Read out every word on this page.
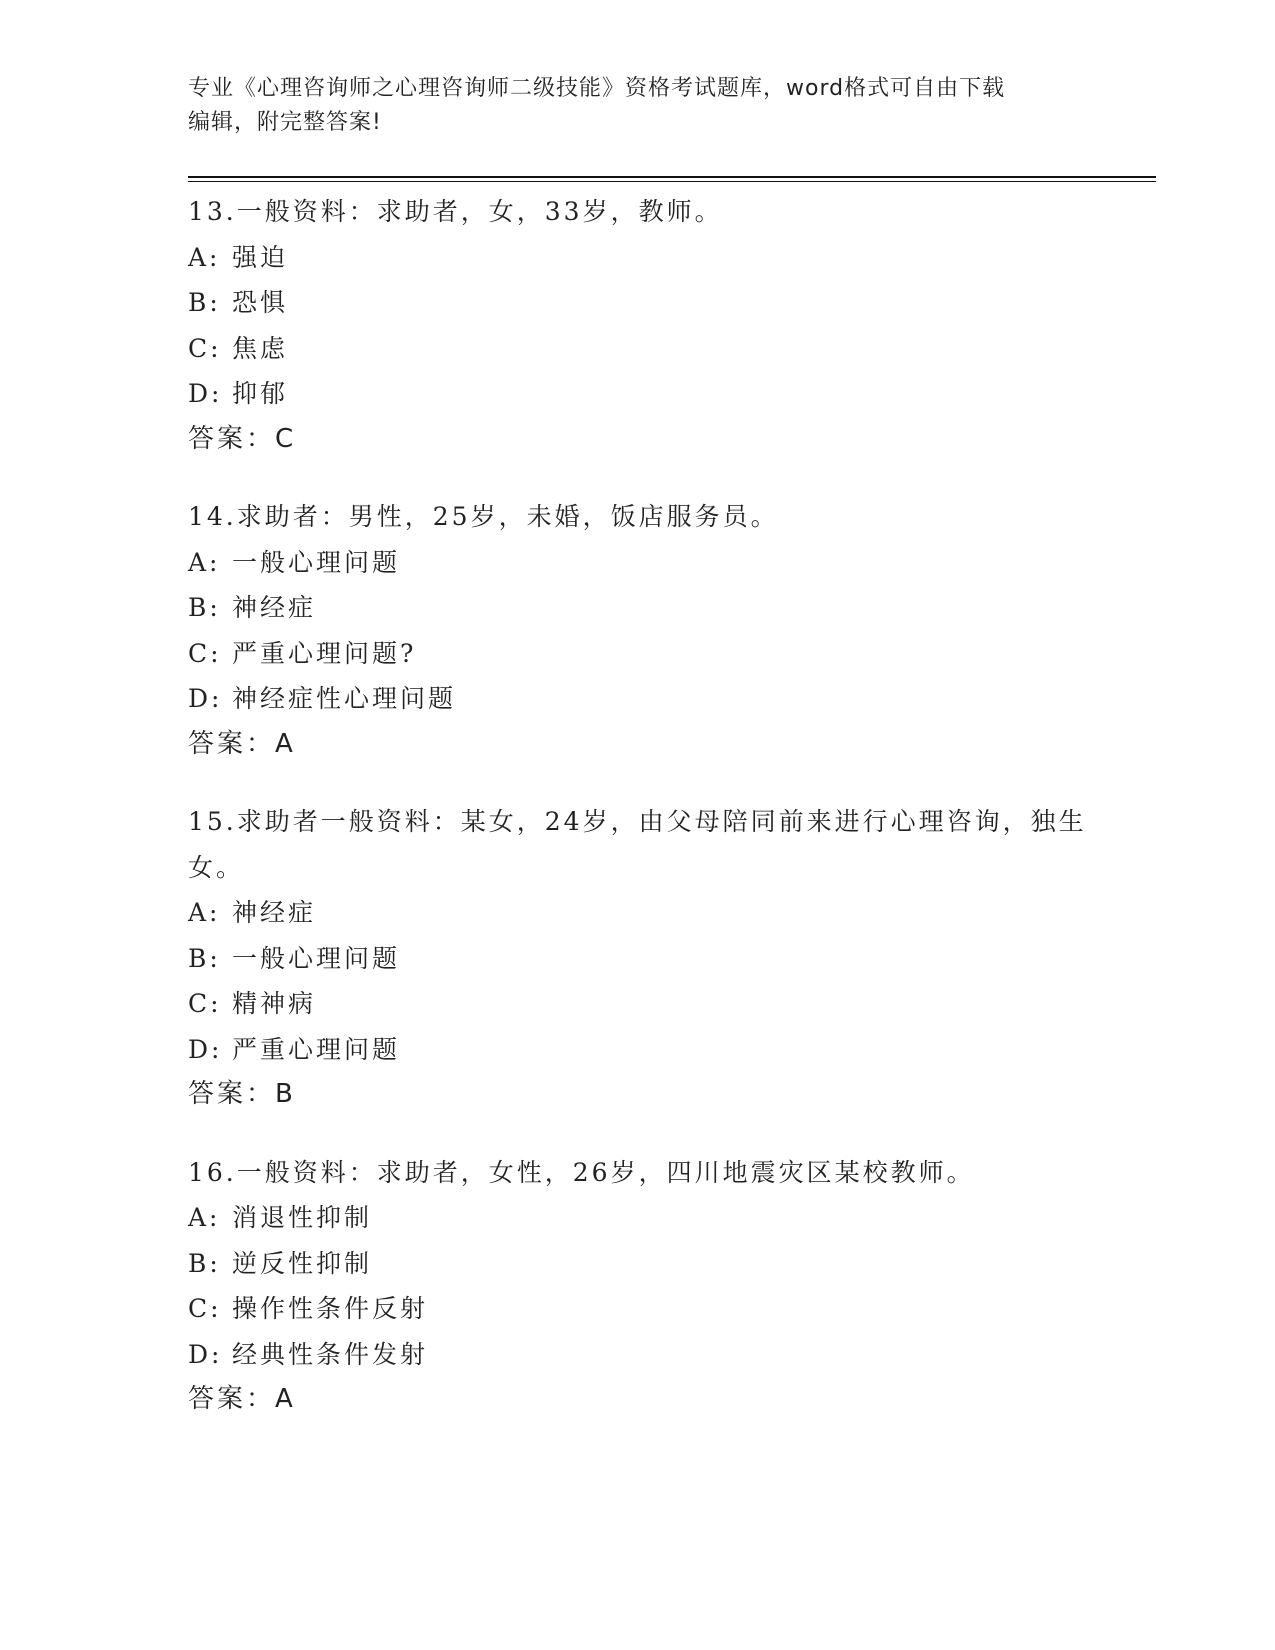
专业《心理咨询师之心理咨询师二级技能》资格考试题库，word格式可自由下载
编辑，附完整答案!
13.一般资料：求助者，女，33岁，教师。
A: 强迫
B: 恐惧
C: 焦虑
D: 抑郁
答案：C
14.求助者：男性，25岁，未婚，饭店服务员。
A: 一般心理问题
B: 神经症
C: 严重心理问题?
D: 神经症性心理问题
答案：A
15.求助者一般资料：某女，24岁，由父母陪同前来进行心理咨询，独生女。
A: 神经症
B: 一般心理问题
C: 精神病
D: 严重心理问题
答案：B
16.一般资料：求助者，女性，26岁，四川地震灾区某校教师。
A: 消退性抑制
B: 逆反性抑制
C: 操作性条件反射
D: 经典性条件发射
答案：A
